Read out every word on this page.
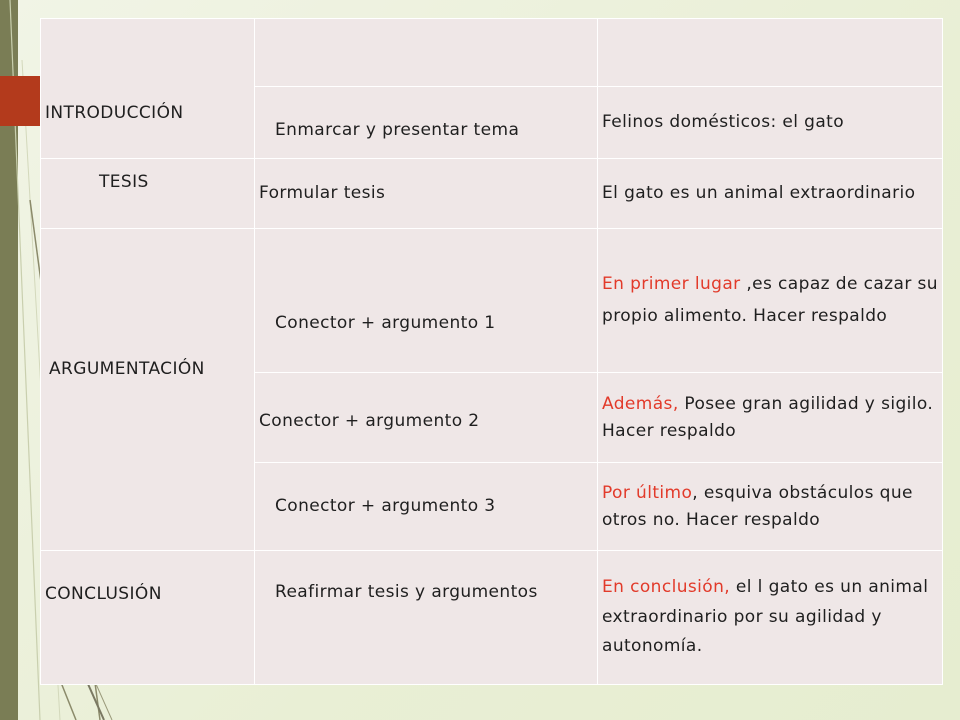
INTRODUCCIÓN		
	Enmarcar y presentar tema	Felinos domésticos: el gato
TESIS	Formular tesis	El gato es un animal extraordinario
ARGUMENTACIÓN	Conector + argumento 1	En primer lugar ,es capaz de cazar su propio alimento. Hacer respaldo
	Conector + argumento 2	Además, Posee gran agilidad y sigilo. Hacer respaldo
	Conector + argumento 3	Por último, esquiva obstáculos que otros no. Hacer respaldo
CONCLUSIÓN	Reafirmar tesis y argumentos	En conclusión, el l gato es un animal extraordinario por su agilidad y autonomía.
